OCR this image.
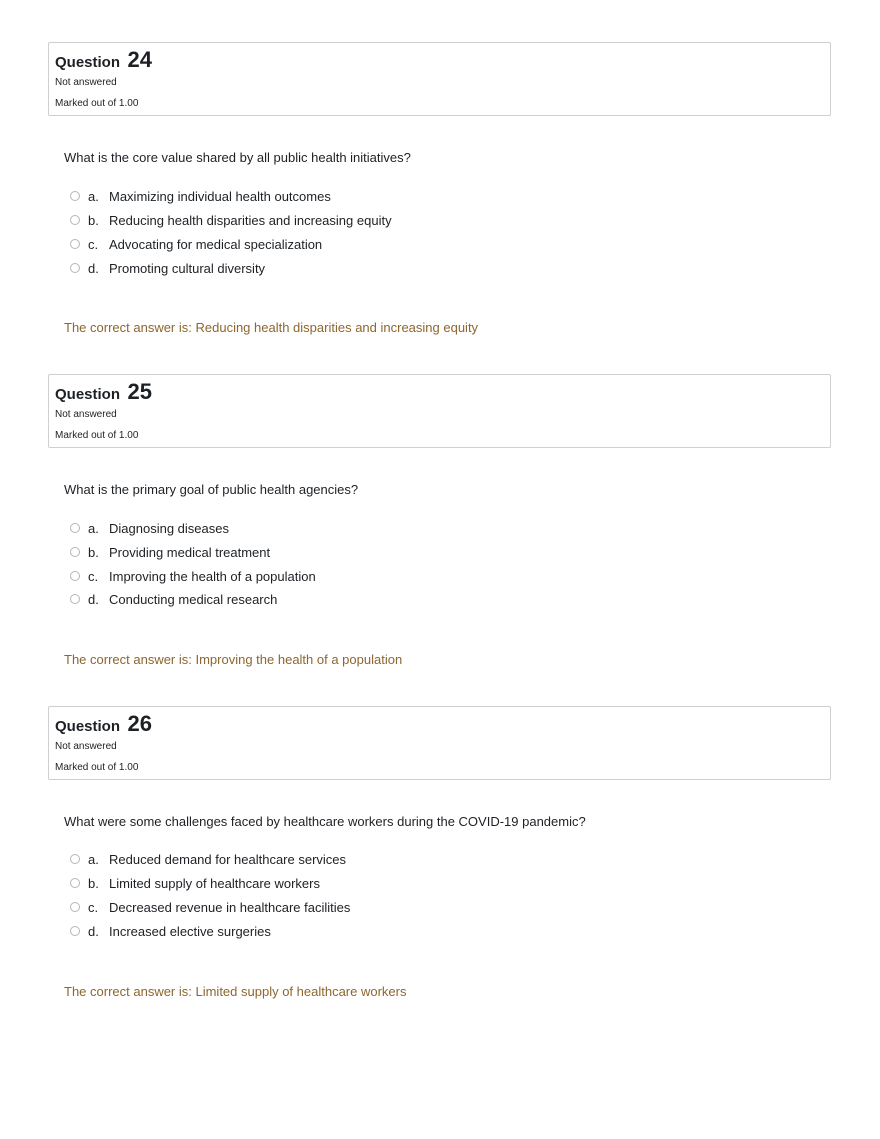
Question 24
Not answered
Marked out of 1.00
What is the core value shared by all public health initiatives?
a. Maximizing individual health outcomes
b. Reducing health disparities and increasing equity
c. Advocating for medical specialization
d. Promoting cultural diversity
The correct answer is: Reducing health disparities and increasing equity
Question 25
Not answered
Marked out of 1.00
What is the primary goal of public health agencies?
a. Diagnosing diseases
b. Providing medical treatment
c. Improving the health of a population
d. Conducting medical research
The correct answer is: Improving the health of a population
Question 26
Not answered
Marked out of 1.00
What were some challenges faced by healthcare workers during the COVID-19 pandemic?
a. Reduced demand for healthcare services
b. Limited supply of healthcare workers
c. Decreased revenue in healthcare facilities
d. Increased elective surgeries
The correct answer is: Limited supply of healthcare workers
